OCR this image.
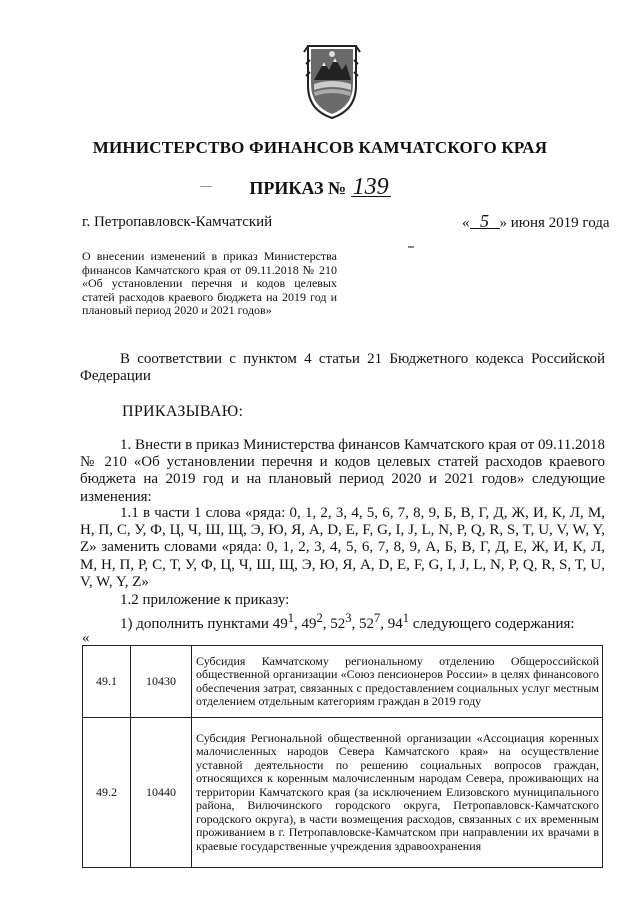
МИНИСТЕРСТВО ФИНАНСОВ КАМЧАТСКОГО КРАЯ
ПРИКАЗ № 139
г. Петропавловск-Камчатский	« 5 » июня 2019 года
О внесении изменений в приказ Министерства финансов Камчатского края от 09.11.2018 № 210 «Об установлении перечня и кодов целевых статей расходов краевого бюджета на 2019 год и плановый период 2020 и 2021 годов»
В соответствии с пунктом 4 статьи 21 Бюджетного кодекса Российской Федерации
ПРИКАЗЫВАЮ:
1. Внести в приказ Министерства финансов Камчатского края от 09.11.2018 № 210 «Об установлении перечня и кодов целевых статей расходов краевого бюджета на 2019 год и на плановый период 2020 и 2021 годов» следующие изменения:
1.1 в части 1 слова «ряда: 0, 1, 2, 3, 4, 5, 6, 7, 8, 9, Б, В, Г, Д, Ж, И, К, Л, М, Н, П, С, У, Ф, Ц, Ч, Ш, Щ, Э, Ю, Я, A, D, E, F, G, I, J, L, N, P, Q, R, S, T, U, V, W, Y, Z» заменить словами «ряда: 0, 1, 2, 3, 4, 5, 6, 7, 8, 9, А, Б, В, Г, Д, Е, Ж, И, К, Л, М, Н, П, Р, С, Т, У, Ф, Ц, Ч, Ш, Щ, Э, Ю, Я, A, D, E, F, G, I, J, L, N, P, Q, R, S, T, U, V, W, Y, Z»
1.2 приложение к приказу:
1) дополнить пунктами $49^1$, $49^2$, $52^3$, $52^7$, $94^1$ следующего содержания:
«
49.1	10430	Субсидия Камчатскому региональному отделению Общероссийской общественной организации «Союз пенсионеров России» в целях финансового обеспечения затрат, связанных с предоставлением социальных услуг местным отделением отдельным категориям граждан в 2019 году
49.2	10440	Субсидия Региональной общественной организации «Ассоциация коренных малочисленных народов Севера Камчатского края» на осуществление уставной деятельности по решению социальных вопросов граждан, относящихся к коренным малочисленным народам Севера, проживающих на территории Камчатского края (за исключением Елизовского муниципального района, Вилючинского городского округа, Петропавловск-Камчатского городского округа), в части возмещения расходов, связанных с их временным проживанием в г. Петропавловске-Камчатском при направлении их врачами в краевые государственные учреждения здравоохранения
